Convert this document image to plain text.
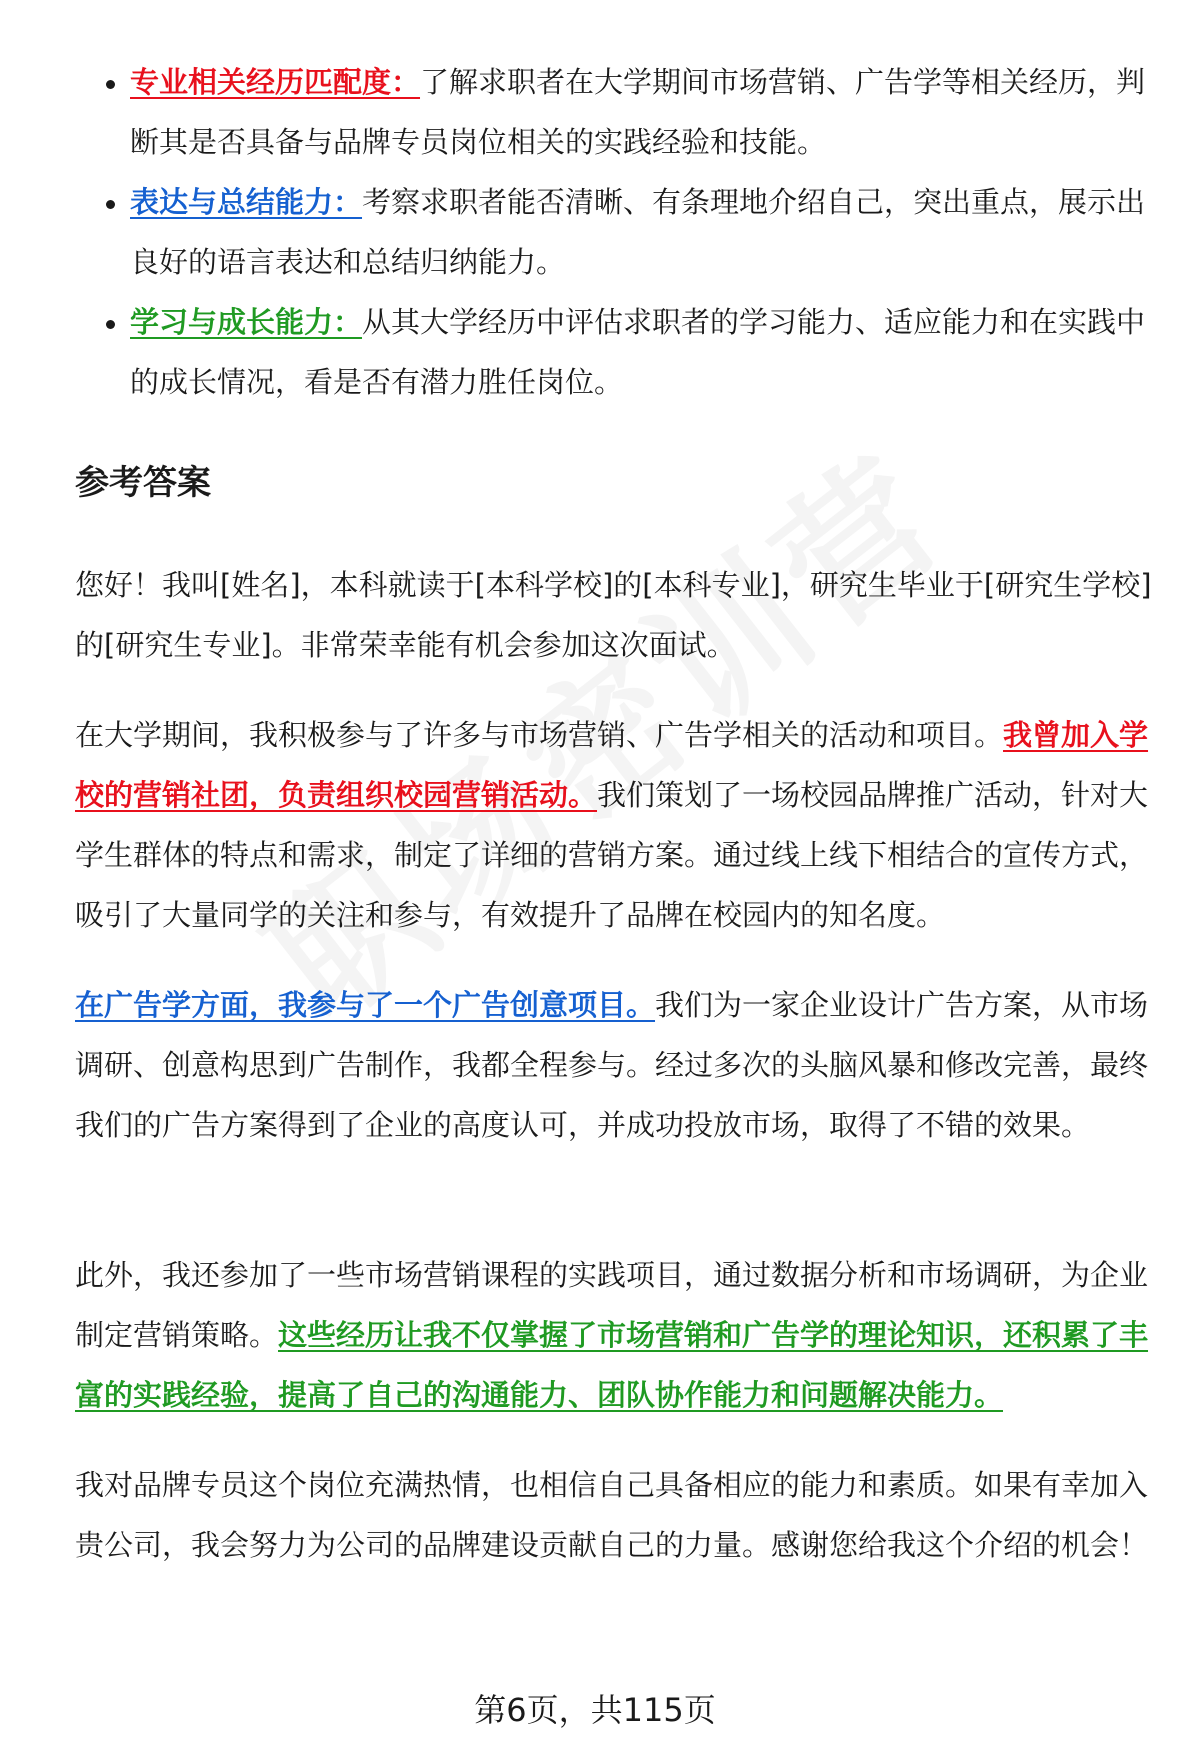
专业相关经历匹配度：了解求职者在大学期间市场营销、广告学等相关经历，判断其是否具备与品牌专员岗位相关的实践经验和技能。
表达与总结能力：考察求职者能否清晰、有条理地介绍自己，突出重点，展示出良好的语言表达和总结归纳能力。
学习与成长能力：从其大学经历中评估求职者的学习能力、适应能力和在实践中的成长情况，看是否有潜力胜任岗位。
参考答案

您好！我叫[姓名]，本科就读于[本科学校]的[本科专业]，研究生毕业于[研究生学校]的[研究生专业]。非常荣幸能有机会参加这次面试。

在大学期间，我积极参与了许多与市场营销、广告学相关的活动和项目。我曾加入学校的营销社团，负责组织校园营销活动。我们策划了一场校园品牌推广活动，针对大学生群体的特点和需求，制定了详细的营销方案。通过线上线下相结合的宣传方式，吸引了大量同学的关注和参与，有效提升了品牌在校园内的知名度。

在广告学方面，我参与了一个广告创意项目。我们为一家企业设计广告方案，从市场调研、创意构思到广告制作，我都全程参与。经过多次的头脑风暴和修改完善，最终我们的广告方案得到了企业的高度认可，并成功投放市场，取得了不错的效果。

此外，我还参加了一些市场营销课程的实践项目，通过数据分析和市场调研，为企业制定营销策略。这些经历让我不仅掌握了市场营销和广告学的理论知识，还积累了丰富的实践经验，提高了自己的沟通能力、团队协作能力和问题解决能力。

我对品牌专员这个岗位充满热情，也相信自己具备相应的能力和素质。如果有幸加入贵公司，我会努力为公司的品牌建设贡献自己的力量。感谢您给我这个介绍的机会！

第6页，共115页
